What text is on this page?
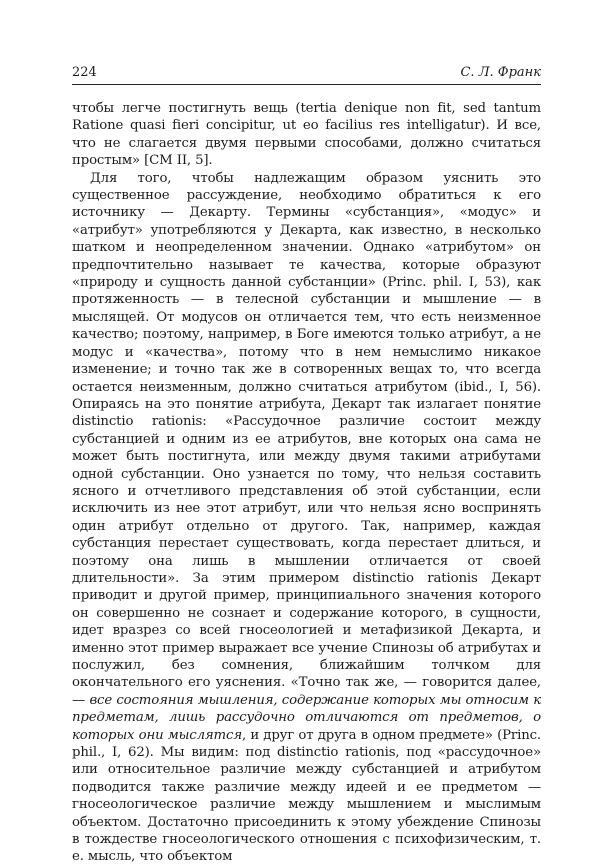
224	С. Л. Франк

чтобы легче постигнуть вещь (tertia denique non fit, sed tantum Ratione quasi fieri concipitur, ut eo facilius res intelligatur). И все, что не слагается двумя первыми способами, должно считаться простым» [СМ II, 5].

Для того, чтобы надлежащим образом уяснить это существенное рассуждение, необходимо обратиться к его источнику — Декарту. Термины «субстанция», «модус» и «атрибут» употребляются у Декарта, как известно, в несколько шатком и неопределенном значении. Однако «атрибутом» он предпочтительно называет те качества, которые образуют «природу и сущность данной субстанции» (Princ. phil. I, 53), как протяженность — в телесной субстанции и мышление — в мыслящей. От модусов он отличается тем, что есть неизменное качество; поэтому, например, в Боге имеются только атрибут, а не модус и «качества», потому что в нем немыслимо никакое изменение; и точно так же в сотворенных вещах то, что всегда остается неизменным, должно считаться атрибутом (ibid., I, 56). Опираясь на это понятие атрибута, Декарт так излагает понятие distinctio rationis: «Рассудочное различие состоит между субстанцией и одним из ее атрибутов, вне которых она сама не может быть постигнута, или между двумя такими атрибутами одной субстанции. Оно узнается по тому, что нельзя составить ясного и отчетливого представления об этой субстанции, если исключить из нее этот атрибут, или что нельзя ясно воспринять один атрибут отдельно от другого. Так, например, каждая субстанция перестает существовать, когда перестает длиться, и поэтому она лишь в мышлении отличается от своей длительности». За этим примером distinctio rationis Декарт приводит и другой пример, принципиального значения которого он совершенно не сознает и содержание которого, в сущности, идет вразрез со всей гносеологией и метафизикой Декарта, и именно этот пример выражает все учение Спинозы об атрибутах и послужил, без сомнения, ближайшим толчком для окончательного его уяснения. «Точно так же, — говорится далее, — все состояния мышления, содержание которых мы относим к предметам, лишь рассудочно отличаются от предметов, о которых они мыслятся, и друг от друга в одном предмете» (Princ. phil., I, 62). Мы видим: под distinctio rationis, под «рассудочное» или относительное различие между субстанцией и атрибутом подводится также различие между идеей и ее предметом — гносеологическое различие между мышлением и мыслимым объектом. Достаточно присоединить к этому убеждение Спинозы в тождестве гносеологического отношения с психофизическим, т. е. мысль, что объектом
